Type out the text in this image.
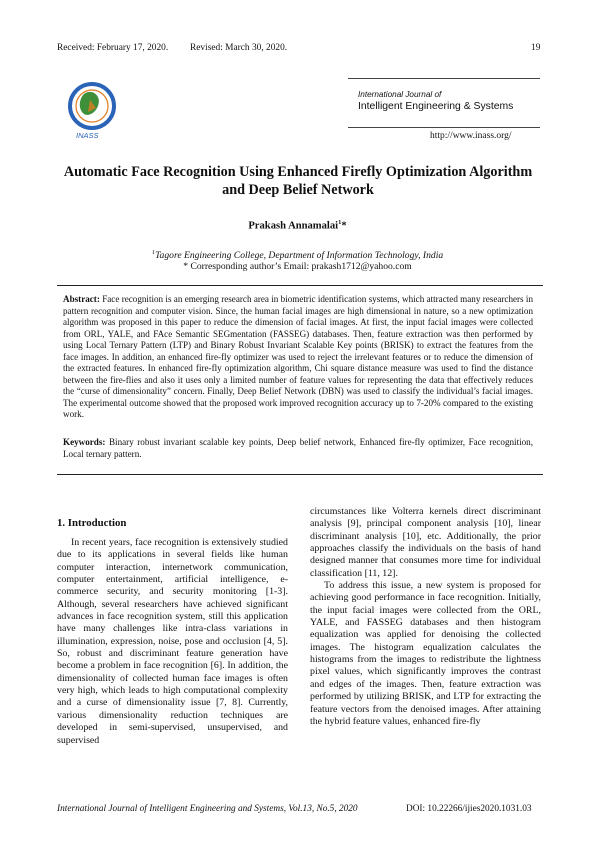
Received: February 17, 2020. Revised: March 30, 2020.	19
INASS
International Journal of
Intelligent Engineering & Systems
http://www.inass.org/
Automatic Face Recognition Using Enhanced Firefly Optimization Algorithm
and Deep Belief Network
Prakash Annamalai$^1$*
$^1$Tagore Engineering College, Department of Information Technology, India
* Corresponding author’s Email: prakash1712@yahoo.com
Abstract: Face recognition is an emerging research area in biometric identification systems, which attracted many researchers in pattern recognition and computer vision. Since, the human facial images are high dimensional in nature, so a new optimization algorithm was proposed in this paper to reduce the dimension of facial images. At first, the input facial images were collected from ORL, YALE, and FAce Semantic SEGmentation (FASSEG) databases. Then, feature extraction was then performed by using Local Ternary Pattern (LTP) and Binary Robust Invariant Scalable Key points (BRISK) to extract the features from the face images. In addition, an enhanced fire-fly optimizer was used to reject the irrelevant features or to reduce the dimension of the extracted features. In enhanced fire-fly optimization algorithm, Chi square distance measure was used to find the distance between the fire-flies and also it uses only a limited number of feature values for representing the data that effectively reduces the “curse of dimensionality” concern. Finally, Deep Belief Network (DBN) was used to classify the individual’s facial images. The experimental outcome showed that the proposed work improved recognition accuracy up to 7-20% compared to the existing work.
Keywords: Binary robust invariant scalable key points, Deep belief network, Enhanced fire-fly optimizer, Face recognition, Local ternary pattern.
1. Introduction

In recent years, face recognition is extensively studied due to its applications in several fields like human computer interaction, internetwork communication, computer entertainment, artificial intelligence, e-commerce security, and security monitoring [1-3]. Although, several researchers have achieved significant advances in face recognition system, still this application have many challenges like intra-class variations in illumination, expression, noise, pose and occlusion [4, 5]. So, robust and discriminant feature generation have become a problem in face recognition [6]. In addition, the dimensionality of collected human face images is often very high, which leads to high computational complexity and a curse of dimensionality issue [7, 8]. Currently, various dimensionality reduction techniques are developed in semi-supervised, unsupervised, and supervised

circumstances like Volterra kernels direct discriminant analysis [9], principal component analysis [10], linear discriminant analysis [10], etc. Additionally, the prior approaches classify the individuals on the basis of hand designed manner that consumes more time for individual classification [11, 12].

To address this issue, a new system is proposed for achieving good performance in face recognition. Initially, the input facial images were collected from the ORL, YALE, and FASSEG databases and then histogram equalization was applied for denoising the collected images. The histogram equalization calculates the histograms from the images to redistribute the lightness pixel values, which significantly improves the contrast and edges of the images. Then, feature extraction was performed by utilizing BRISK, and LTP for extracting the feature vectors from the denoised images. After attaining the hybrid feature values, enhanced fire-fly

International Journal of Intelligent Engineering and Systems, Vol.13, No.5, 2020	DOI: 10.22266/ijies2020.1031.03
